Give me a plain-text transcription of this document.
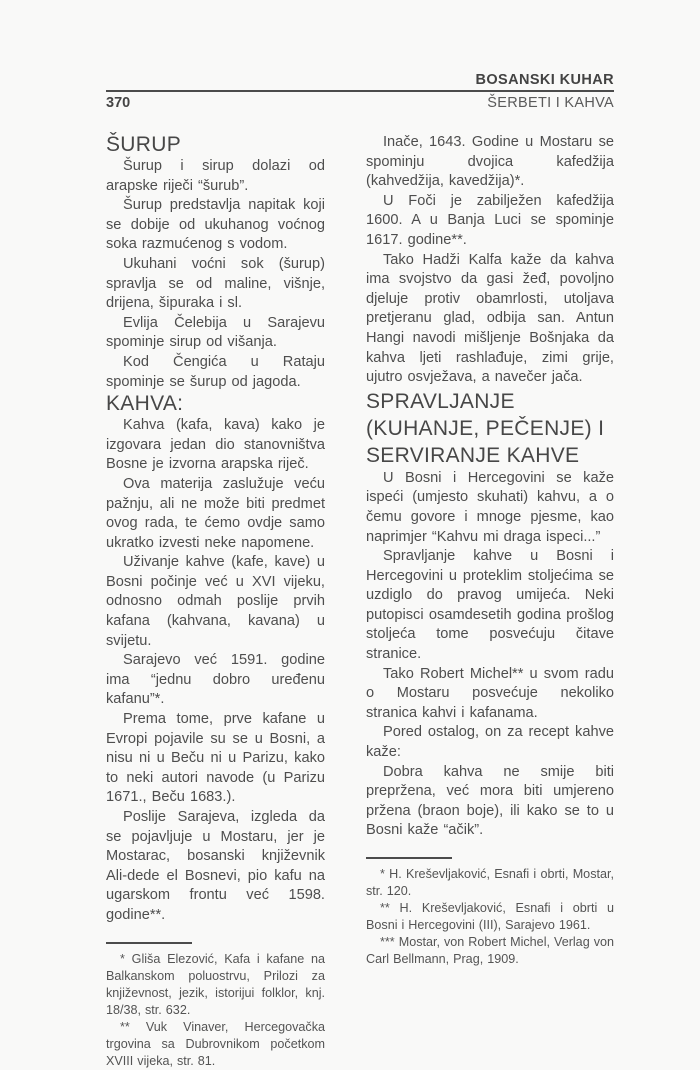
BOSANSKI KUHAR
370	ŠERBETI I KAHVA
ŠURUP

Šurup i sirup dolazi od arapske riječi “šurub”.

Šurup predstavlja napitak koji se dobije od ukuhanog voćnog soka razmućenog s vodom.

Ukuhani voćni sok (šurup) spravlja se od maline, višnje, drijena, šipuraka i sl.

Evlija Čelebija u Sarajevu spominje sirup od višanja.

Kod Čengića u Rataju spominje se šurup od jagoda.

KAHVA:

Kahva (kafa, kava) kako je izgovara jedan dio stanovništva Bosne je izvorna arapska riječ.

Ova materija zaslužuje veću pažnju, ali ne može biti predmet ovog rada, te ćemo ovdje samo ukratko izvesti neke napomene.

Uživanje kahve (kafe, kave) u Bosni počinje već u XVI vijeku, odnosno odmah poslije prvih kafana (kahvana, kavana) u svijetu.

Sarajevo već 1591. godine ima “jednu dobro uređenu kafanu”*.

Prema tome, prve kafane u Evropi pojavile su se u Bosni, a nisu ni u Beču ni u Parizu, kako to neki autori navode (u Parizu 1671., Beču 1683.).

Poslije Sarajeva, izgleda da se pojavljuje u Mostaru, jer je Mostarac, bosanski književnik Ali-dede el Bosnevi, pio kafu na ugarskom frontu već 1598. godine**.

* Gliša Elezović, Kafa i kafane na Balkanskom poluostrvu, Prilozi za književnost, jezik, istorijui folklor, knj. 18/38, str. 632.

** Vuk Vinaver, Hercegovačka trgovina sa Dubrovnikom početkom XVIII vijeka, str. 81.

Inače, 1643. Godine u Mostaru se spominju dvojica kafedžija (kahvedžija, kavedžija)*.

U Foči je zabilježen kafedžija 1600. A u Banja Luci se spominje 1617. godine**.

Tako Hadži Kalfa kaže da kahva ima svojstvo da gasi žeđ, povoljno djeluje protiv obamrlosti, utoljava pretjeranu glad, odbija san. Antun Hangi navodi mišljenje Bošnjaka da kahva ljeti rashlađuje, zimi grije, ujutro osvježava, a navečer jača.

SPRAVLJANJE (KUHANJE, PEČENJE) I SERVIRANJE KAHVE

U Bosni i Hercegovini se kaže ispeći (umjesto skuhati) kahvu, a o čemu govore i mnoge pjesme, kao naprimjer “Kahvu mi draga ispeci...”

Spravljanje kahve u Bosni i Hercegovini u proteklim stoljećima se uzdiglo do pravog umijeća. Neki putopisci osamdesetih godina prošlog stoljeća tome posvećuju čitave stranice.

Tako Robert Michel** u svom radu o Mostaru posvećuje nekoliko stranica kahvi i kafanama.

Pored ostalog, on za recept kahve kaže:

Dobra kahva ne smije biti prepržena, već mora biti umjereno pržena (braon boje), ili kako se to u Bosni kaže “ačik”.

* H. Kreševljaković, Esnafi i obrti, Mostar, str. 120.

** H. Kreševljaković, Esnafi i obrti u Bosni i Hercegovini (III), Sarajevo 1961.

*** Mostar, von Robert Michel, Verlag von Carl Bellmann, Prag, 1909.
